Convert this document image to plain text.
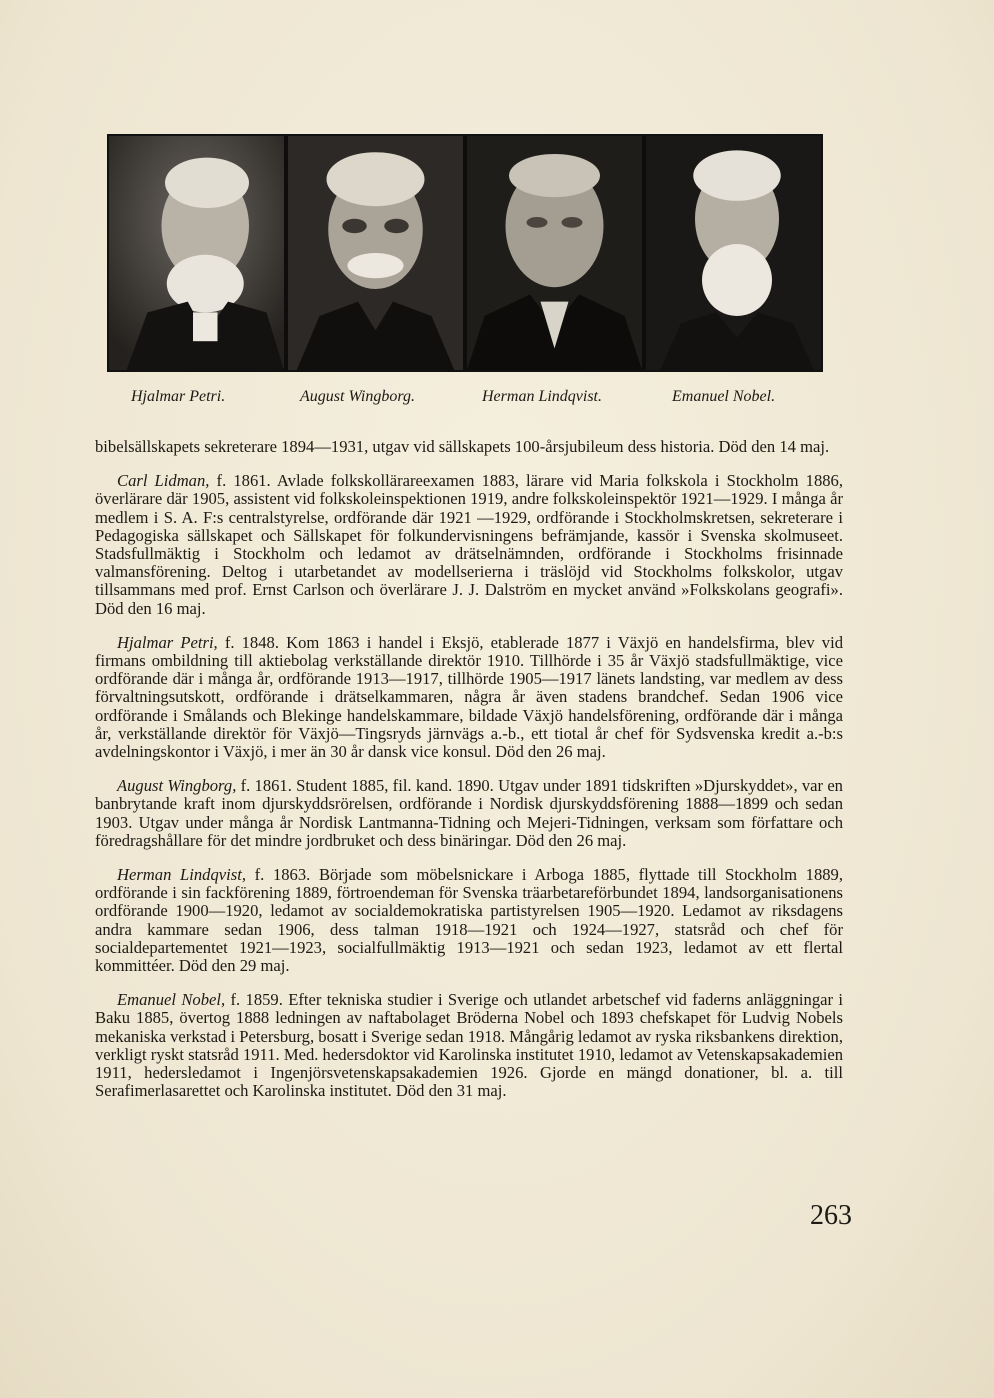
Hjalmar Petri.	August Wingborg.	Herman Lindqvist.	Emanuel Nobel.

bibelsällskapets sekreterare 1894—1931, utgav vid sällskapets 100-årsjubileum dess historia. Död den 14 maj.

Carl Lidman, f. 1861. Avlade folkskollärareexamen 1883, lärare vid Maria folkskola i Stockholm 1886, överlärare där 1905, assistent vid folkskoleinspektionen 1919, andre folkskoleinspektör 1921—1929. I många år medlem i S. A. F:s centralstyrelse, ordförande där 1921 —1929, ordförande i Stockholmskretsen, sekreterare i Pedagogiska sällskapet och Sällskapet för folkundervisningens befrämjande, kassör i Svenska skolmuseet. Stadsfullmäktig i Stockholm och ledamot av drätselnämnden, ordförande i Stockholms frisinnade valmansförening. Deltog i utarbetandet av modellserierna i träslöjd vid Stockholms folkskolor, utgav tillsammans med prof. Ernst Carlson och överlärare J. J. Dalström en mycket använd »Folkskolans geografi». Död den 16 maj.

Hjalmar Petri, f. 1848. Kom 1863 i handel i Eksjö, etablerade 1877 i Växjö en handelsfirma, blev vid firmans ombildning till aktiebolag verkställande direktör 1910. Tillhörde i 35 år Växjö stadsfullmäktige, vice ordförande där i många år, ordförande 1913—1917, tillhörde 1905—1917 länets landsting, var medlem av dess förvaltningsutskott, ordförande i drätselkammaren, några år även stadens brandchef. Sedan 1906 vice ordförande i Smålands och Blekinge handelskammare, bildade Växjö handelsförening, ordförande där i många år, verkställande direktör för Växjö—Tingsryds järnvägs a.-b., ett tiotal år chef för Sydsvenska kredit a.-b:s avdelningskontor i Växjö, i mer än 30 år dansk vice konsul. Död den 26 maj.

August Wingborg, f. 1861. Student 1885, fil. kand. 1890. Utgav under 1891 tidskriften »Djurskyddet», var en banbrytande kraft inom djurskyddsrörelsen, ordförande i Nordisk djurskyddsförening 1888—1899 och sedan 1903. Utgav under många år Nordisk Lantmanna-Tidning och Mejeri-Tidningen, verksam som författare och föredragshållare för det mindre jordbruket och dess binäringar. Död den 26 maj.

Herman Lindqvist, f. 1863. Började som möbelsnickare i Arboga 1885, flyttade till Stockholm 1889, ordförande i sin fackförening 1889, förtroendeman för Svenska träarbetareförbundet 1894, landsorganisationens ordförande 1900—1920, ledamot av socialdemokratiska partistyrelsen 1905—1920. Ledamot av riksdagens andra kammare sedan 1906, dess talman 1918—1921 och 1924—1927, statsråd och chef för socialdepartementet 1921—1923, socialfullmäktig 1913—1921 och sedan 1923, ledamot av ett flertal kommittéer. Död den 29 maj.

Emanuel Nobel, f. 1859. Efter tekniska studier i Sverige och utlandet arbetschef vid faderns anläggningar i Baku 1885, övertog 1888 ledningen av naftabolaget Bröderna Nobel och 1893 chefskapet för Ludvig Nobels mekaniska verkstad i Petersburg, bosatt i Sverige sedan 1918. Mångårig ledamot av ryska riksbankens direktion, verkligt ryskt statsråd 1911. Med. hedersdoktor vid Karolinska institutet 1910, ledamot av Vetenskapsakademien 1911, hedersledamot i Ingenjörsvetenskapsakademien 1926. Gjorde en mängd donationer, bl. a. till Serafimerlasarettet och Karolinska institutet. Död den 31 maj.

263
